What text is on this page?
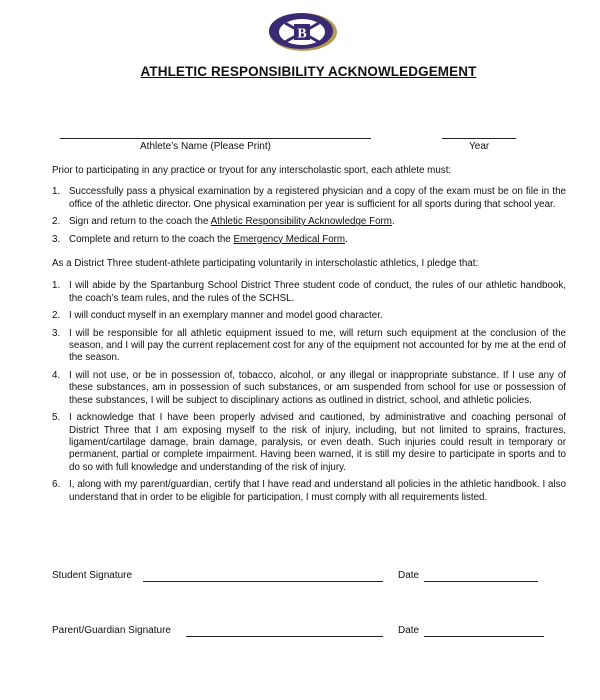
B
ATHLETIC RESPONSIBILITY ACKNOWLEDGEMENT
Athlete’s Name (Please Print)	Year

Prior to participating in any practice or tryout for any interscholastic sport, each athlete must:

1. Successfully pass a physical examination by a registered physician and a copy of the exam must be on file in the office of the athletic director. One physical examination per year is sufficient for all sports during that school year.
2. Sign and return to the coach the Athletic Responsibility Acknowledge Form.
3. Complete and return to the coach the Emergency Medical Form.

As a District Three student-athlete participating voluntarily in interscholastic athletics, I pledge that:

1. I will abide by the Spartanburg School District Three student code of conduct, the rules of our athletic handbook, the coach’s team rules, and the rules of the SCHSL.
2. I will conduct myself in an exemplary manner and model good character.
3. I will be responsible for all athletic equipment issued to me, will return such equipment at the conclusion of the season, and I will pay the current replacement cost for any of the equipment not accounted for by me at the end of the season.
4. I will not use, or be in possession of, tobacco, alcohol, or any illegal or inappropriate substance. If I use any of these substances, am in possession of such substances, or am suspended from school for use or possession of these substances, I will be subject to disciplinary actions as outlined in district, school, and athletic policies.
5. I acknowledge that I have been properly advised and cautioned, by administrative and coaching personal of District Three that I am exposing myself to the risk of injury, including, but not limited to sprains, fractures, ligament/cartilage damage, brain damage, paralysis, or even death. Such injuries could result in temporary or permanent, partial or complete impairment. Having been warned, it is still my desire to participate in sports and to do so with full knowledge and understanding of the risk of injury.
6. I, along with my parent/guardian, certify that I have read and understand all policies in the athletic handbook. I also understand that in order to be eligible for participation, I must comply with all requirements listed.
Student Signature	Date
Parent/Guardian Signature	Date
